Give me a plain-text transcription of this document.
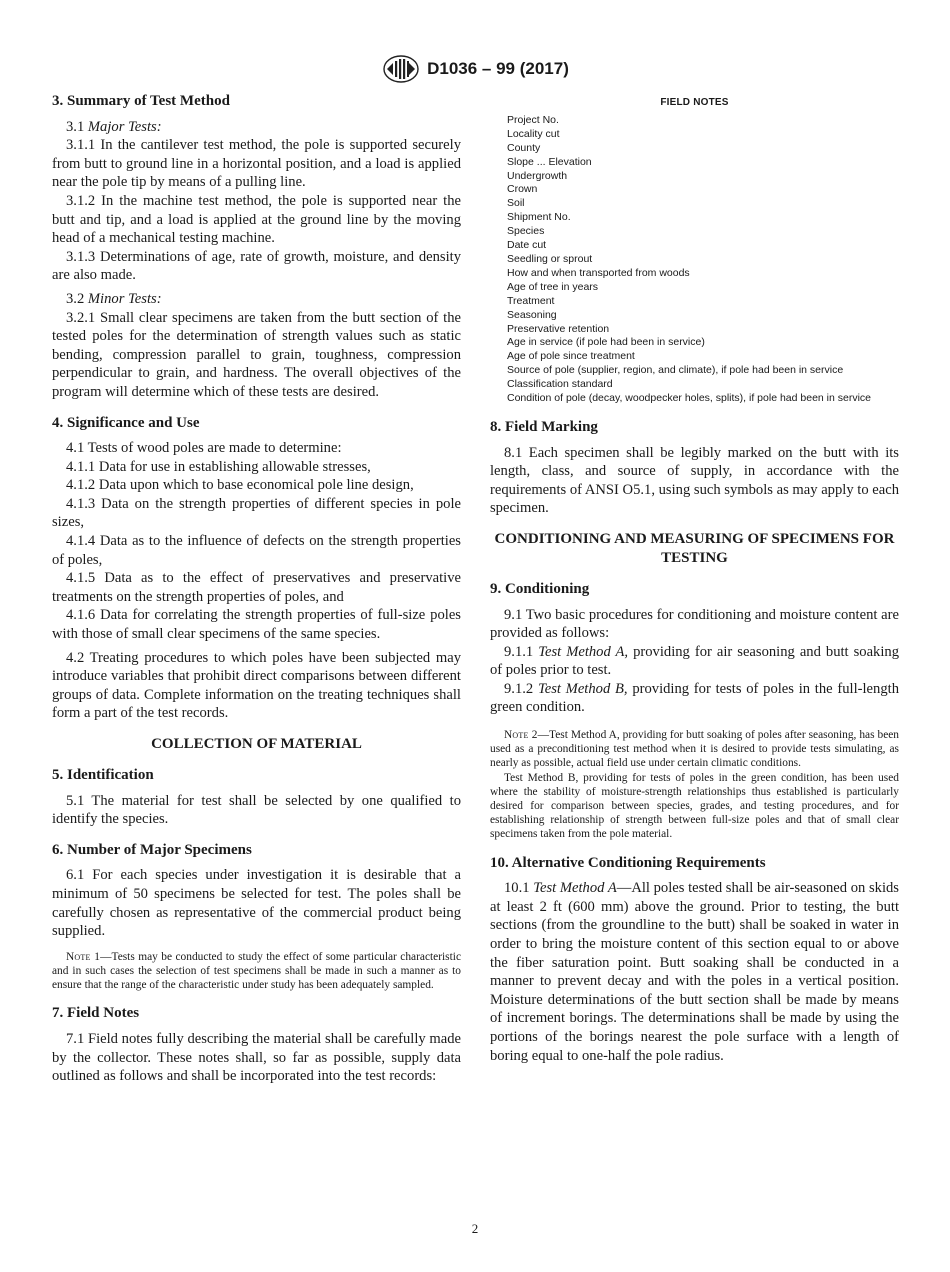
D1036 – 99 (2017)
3. Summary of Test Method

3.1 Major Tests:

3.1.1 In the cantilever test method, the pole is supported securely from butt to ground line in a horizontal position, and a load is applied near the pole tip by means of a pulling line.

3.1.2 In the machine test method, the pole is supported near the butt and tip, and a load is applied at the ground line by the moving head of a mechanical testing machine.

3.1.3 Determinations of age, rate of growth, moisture, and density are also made.

3.2 Minor Tests:

3.2.1 Small clear specimens are taken from the butt section of the tested poles for the determination of strength values such as static bending, compression parallel to grain, toughness, compression perpendicular to grain, and hardness. The overall objectives of the program will determine which of these tests are desired.

4. Significance and Use

4.1 Tests of wood poles are made to determine:

4.1.1 Data for use in establishing allowable stresses,

4.1.2 Data upon which to base economical pole line design,

4.1.3 Data on the strength properties of different species in pole sizes,

4.1.4 Data as to the influence of defects on the strength properties of poles,

4.1.5 Data as to the effect of preservatives and preservative treatments on the strength properties of poles, and

4.1.6 Data for correlating the strength properties of full-size poles with those of small clear specimens of the same species.

4.2 Treating procedures to which poles have been subjected may introduce variables that prohibit direct comparisons between different groups of data. Complete information on the treating techniques shall form a part of the test records.

COLLECTION OF MATERIAL
5. Identification

5.1 The material for test shall be selected by one qualified to identify the species.

6. Number of Major Specimens

6.1 For each species under investigation it is desirable that a minimum of 50 specimens be selected for test. The poles shall be carefully chosen as representative of the commercial product being supplied.

Note 1—Tests may be conducted to study the effect of some particular characteristic and in such cases the selection of test specimens shall be made in such a manner as to ensure that the range of the characteristic under study has been adequately sampled.

7. Field Notes

7.1 Field notes fully describing the material shall be carefully made by the collector. These notes shall, so far as possible, supply data outlined as follows and shall be incorporated into the test records:

FIELD NOTES
Project No.
Locality cut
County
Slope ... Elevation
Undergrowth
Crown
Soil
Shipment No.
Species
Date cut
Seedling or sprout
How and when transported from woods
Age of tree in years
Treatment
Seasoning
Preservative retention
Age in service (if pole had been in service)
Age of pole since treatment
Source of pole (supplier, region, and climate), if pole had been in service
Classification standard
Condition of pole (decay, woodpecker holes, splits), if pole had been in service
8. Field Marking

8.1 Each specimen shall be legibly marked on the butt with its length, class, and source of supply, in accordance with the requirements of ANSI O5.1, using such symbols as may apply to each specimen.

CONDITIONING AND MEASURING OF SPECIMENS FOR TESTING
9. Conditioning

9.1 Two basic procedures for conditioning and moisture content are provided as follows:

9.1.1 Test Method A, providing for air seasoning and butt soaking of poles prior to test.

9.1.2 Test Method B, providing for tests of poles in the full-length green condition.

Note 2—Test Method A, providing for butt soaking of poles after seasoning, has been used as a preconditioning test method when it is desired to provide tests simulating, as nearly as possible, actual field use under certain climatic conditions.

Test Method B, providing for tests of poles in the green condition, has been used where the stability of moisture-strength relationships thus established is particularly desired for comparison between species, grades, and testing procedures, and for establishing relationship of strength between full-size poles and that of small clear specimens taken from the pole material.

10. Alternative Conditioning Requirements

10.1 Test Method A—All poles tested shall be air-seasoned on skids at least 2 ft (600 mm) above the ground. Prior to testing, the butt sections (from the groundline to the butt) shall be soaked in water in order to bring the moisture content of this section equal to or above the fiber saturation point. Butt soaking shall be conducted in a manner to prevent decay and with the poles in a vertical position. Moisture determinations of the butt section shall be made by means of increment borings. The determinations shall be made by using the portions of the borings nearest the pole surface with a length of boring equal to one-half the pole radius.

2
